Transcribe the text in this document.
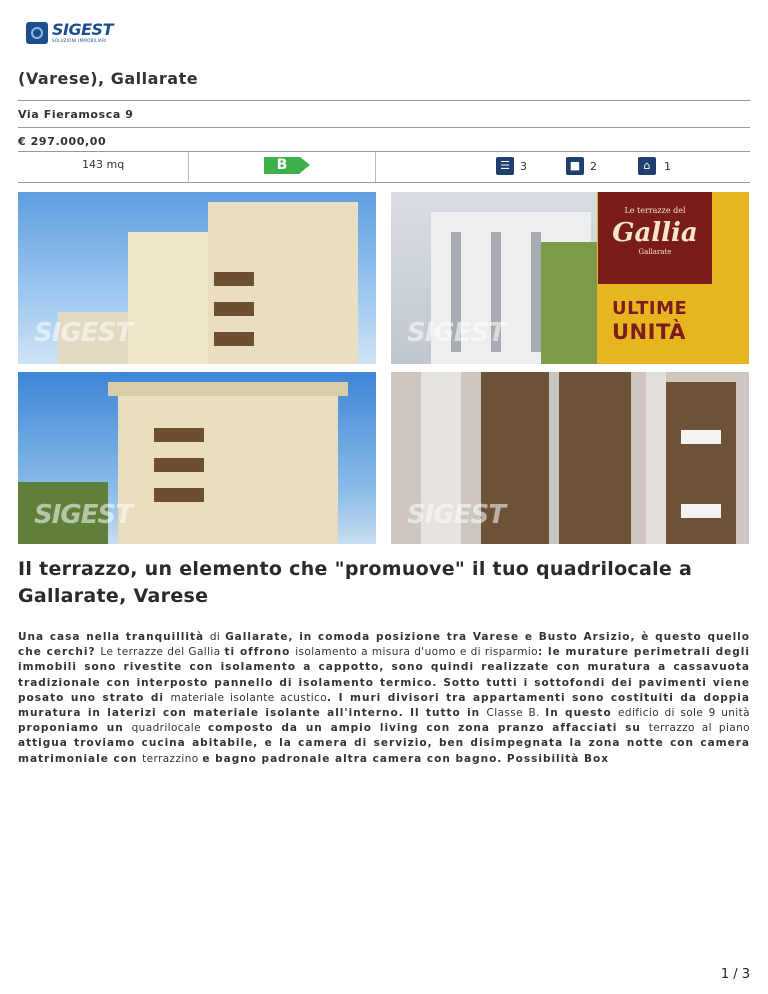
SIGEST
SOLUZIONI IMMOBILIARI
(Varese), Gallarate
Via Fieramosca 9
€ 297.000,00
143 mq	B	☰ 3	■ 2	⌂	1
SIGEST	SIGEST
Le terrazze del
Gallia
Gallarate
ULTIME
UNITÀ
SIGEST	SIGEST
Il terrazzo, un elemento che "promuove" il tuo quadrilocale a Gallarate, Varese
Una casa nella tranquillità di Gallarate, in comoda posizione tra Varese e Busto Arsizio, è questo quello che cerchi? Le terrazze del Gallia ti offrono isolamento a misura d'uomo e di risparmio: le murature perimetrali degli immobili sono rivestite con isolamento a cappotto, sono quindi realizzate con muratura a cassavuota tradizionale con interposto pannello di isolamento termico. Sotto tutti i sottofondi dei pavimenti viene posato uno strato di materiale isolante acustico. I muri divisori tra appartamenti sono costituiti da doppia muratura in laterizi con materiale isolante all'interno. Il tutto in Classe B. In questo edificio di sole 9 unità proponiamo un quadrilocale composto da un ampio living con zona pranzo affacciati su terrazzo al piano attigua troviamo cucina abitabile, e la camera di servizio, ben disimpegnata la zona notte con camera matrimoniale con terrazzino e bagno padronale altra camera con bagno. Possibilità Box
1 / 3
